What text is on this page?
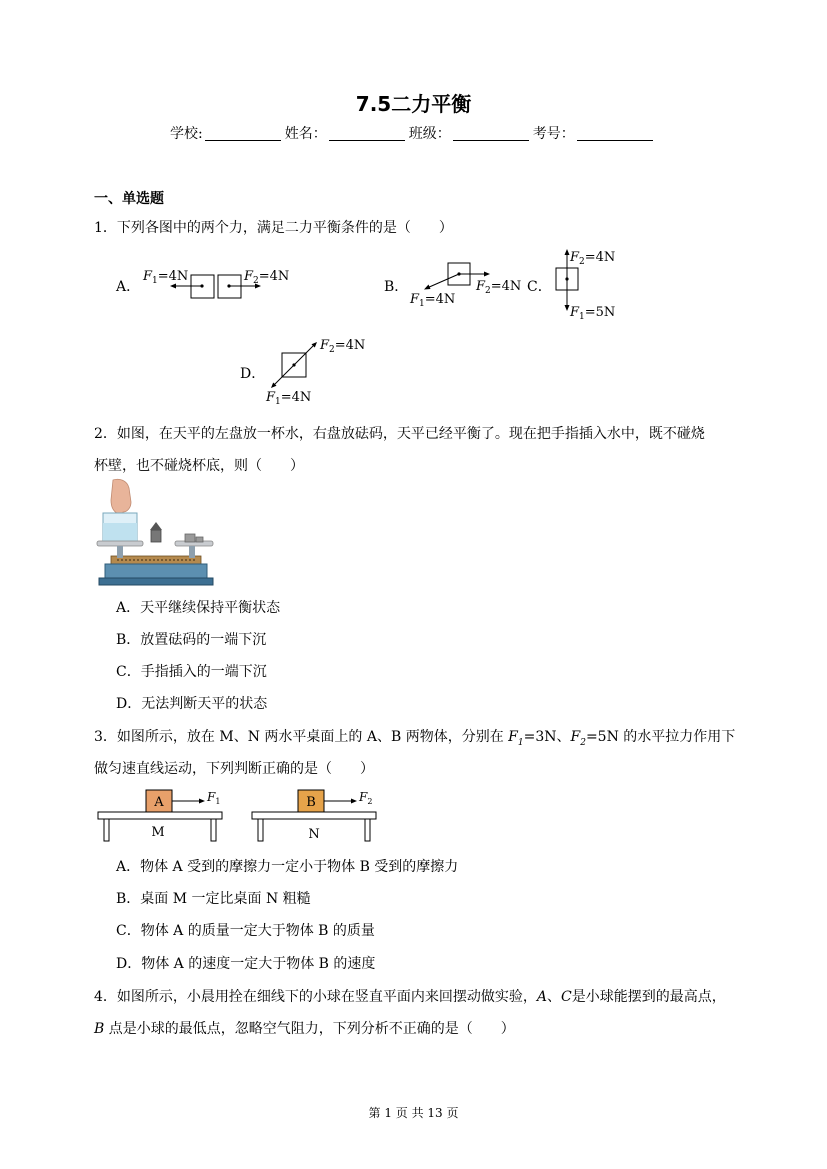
7.5二力平衡
学校:	姓名：	班级：	考号：
一、单选题
1．下列各图中的两个力，满足二力平衡条件的是（　　）
A．
$F_1=4N$	$F_2=4N$
B．
$F_1=4N$
$F_2=4N$ C．
$F_2=4N$
$F_1=5N$
D．
$F_2=4N$
$F_1=4N$
2．如图，在天平的左盘放一杯水，右盘放砝码，天平已经平衡了。现在把手指插入水中，既不碰烧
杯壁，也不碰烧杯底，则（　　）
A．天平继续保持平衡状态
B．放置砝码的一端下沉
C．手指插入的一端下沉
D．无法判断天平的状态
3．如图所示，放在 M、N 两水平桌面上的 A、B 两物体，分别在 $F_1=3N$、$F_2=5N$ 的水平拉力作用下
做匀速直线运动，下列判断正确的是（　　）
A	$F_1$
M
B	$F_2$
N
A．物体 A 受到的摩擦力一定小于物体 B 受到的摩擦力
B．桌面 M 一定比桌面 N 粗糙
C．物体 A 的质量一定大于物体 B 的质量
D．物体 A 的速度一定大于物体 B 的速度
4．如图所示，小晨用拴在细线下的小球在竖直平面内来回摆动做实验，A、C是小球能摆到的最高点，
B 点是小球的最低点，忽略空气阻力，下列分析不正确的是（　　）
第 1 页 共 13 页
